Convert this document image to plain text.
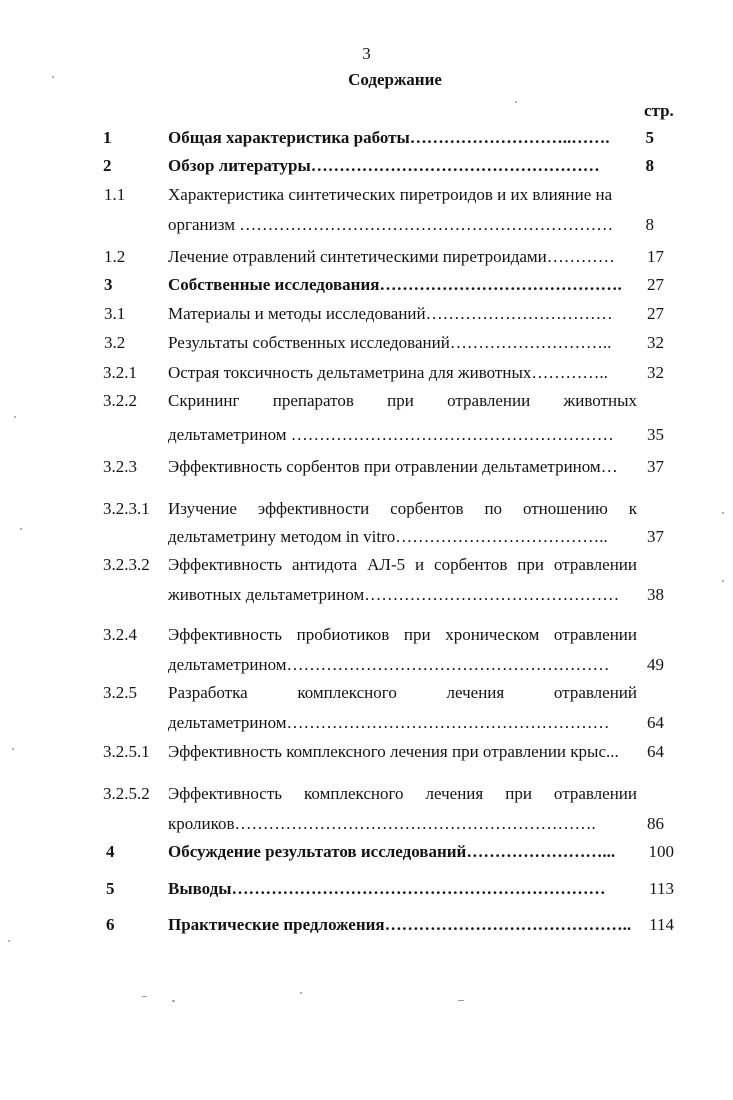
3
Содержание
стр.
1	Общая характеристика работы………………………..…….	5
2	Обзор литературы……………………………………………	8
1.1	Характеристика синтетических пиретроидов и их влияние на
организм …………………………………………………………	8
1.2	Лечение отравлений синтетическими пиретроидами…………	17
3	Собственные исследования…………………………………….	27
3.1	Материалы и методы исследований……………………………	27
3.2	Результаты собственных исследований………………………..	32
3.2.1 Острая токсичность дельтаметрина для животных…………..	32
3.2.2 Скрининг препаратов при отравлении животных
дельтаметрином …………………………………………………	35
3.2.3 Эффективность сорбентов при отравлении дельтаметрином…	37
3.2.3.1 Изучение эффективности сорбентов по отношению к
дельтаметрину методом in vitro………………………………..	37
3.2.3.2 Эффективность антидота АЛ-5 и сорбентов при отравлении
животных дельтаметрином………………………………………	38
3.2.4 Эффективность пробиотиков при хроническом отравлении
дельтаметрином…………………………………………………	49
3.2.5 Разработка комплексного лечения отравлений
дельтаметрином…………………………………………………	64
3.2.5.1 Эффективность комплексного лечения при отравлении крыс...	64
3.2.5.2 Эффективность комплексного лечения при отравлении
кроликов……………………………………………………….	86
4	Обсуждение результатов исследований……………………...	100
5	Выводы…………………………………………………………	113
6	Практические предложения……………………………………..	114
